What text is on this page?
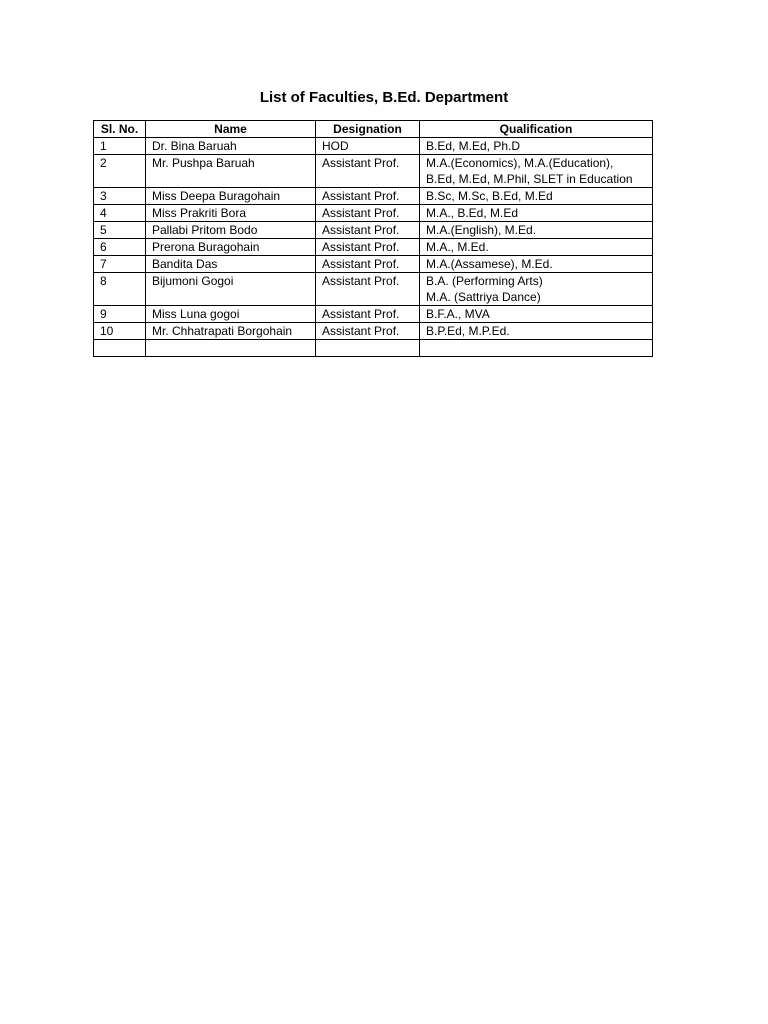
List of Faculties, B.Ed. Department
Sl. No.	Name	Designation	Qualification
1	Dr. Bina Baruah	HOD	B.Ed, M.Ed, Ph.D

2	Mr. Pushpa Baruah	Assistant Prof.	M.A.(Economics), M.A.(Education),
B.Ed, M.Ed, M.Phil, SLET in Education

3	Miss Deepa Buragohain	Assistant Prof.	B.Sc, M.Sc, B.Ed, M.Ed

4	Miss Prakriti Bora	Assistant Prof.	M.A., B.Ed, M.Ed

5	Pallabi Pritom Bodo	Assistant Prof.	M.A.(English), M.Ed.

6	Prerona Buragohain	Assistant Prof.	M.A., M.Ed.

7	Bandita Das	Assistant Prof.	M.A.(Assamese), M.Ed.

8	Bijumoni Gogoi	Assistant Prof.	B.A. (Performing Arts)
M.A. (Sattriya Dance)

9	Miss Luna gogoi	Assistant Prof.	B.F.A., MVA

10	Mr. Chhatrapati Borgohain	Assistant Prof.	B.P.Ed, M.P.Ed.
